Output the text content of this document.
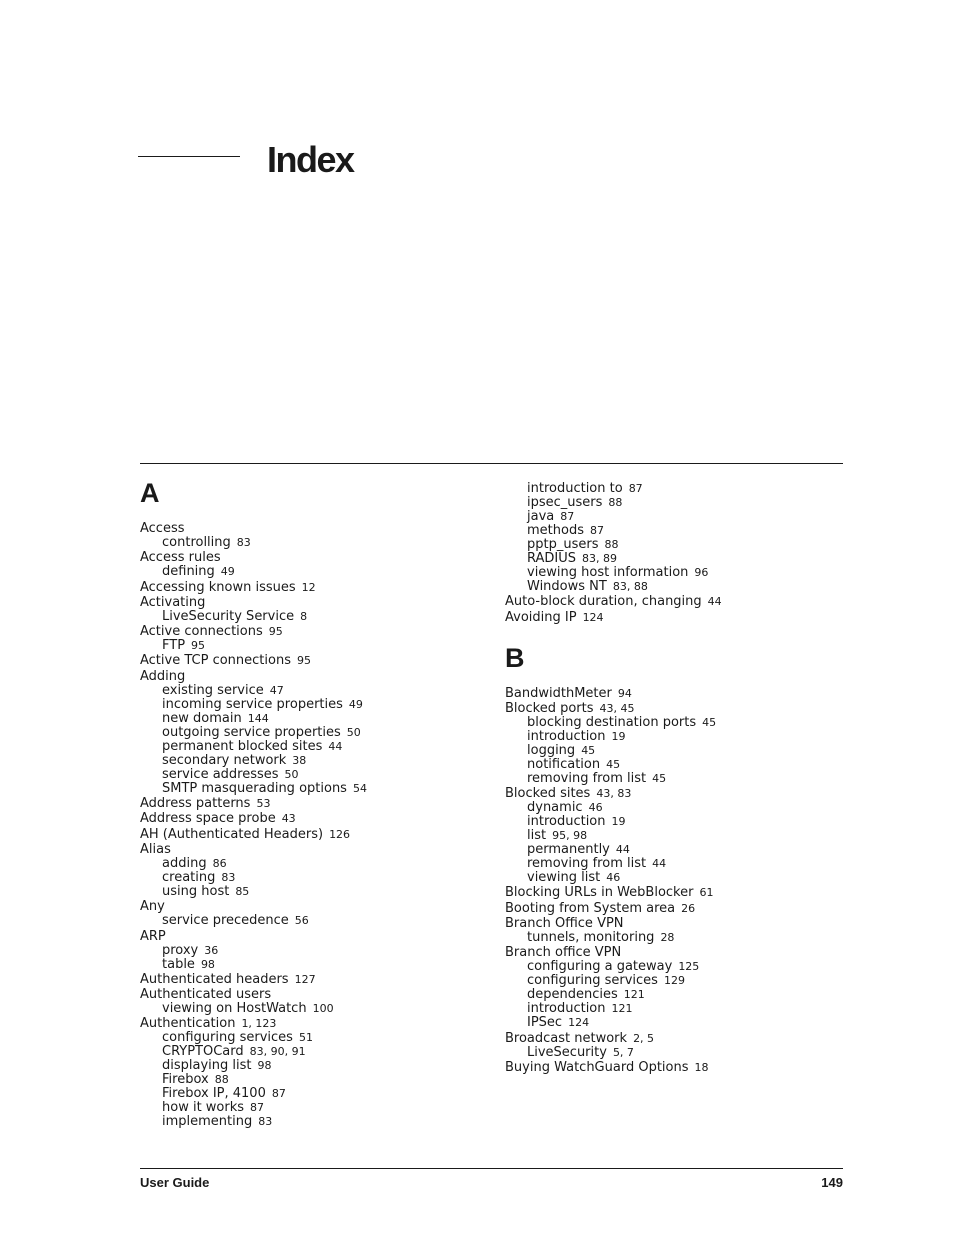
Index
A
Access
controlling 83
Access rules
defining 49
Accessing known issues 12
Activating
LiveSecurity Service 8
Active connections 95
FTP 95
Active TCP connections 95
Adding
existing service 47
incoming service properties 49
new domain 144
outgoing service properties 50
permanent blocked sites 44
secondary network 38
service addresses 50
SMTP masquerading options 54
Address patterns 53
Address space probe 43
AH (Authenticated Headers) 126
Alias
adding 86
creating 83
using host 85
Any
service precedence 56
ARP
proxy 36
table 98
Authenticated headers 127
Authenticated users
viewing on HostWatch 100
Authentication 1, 123
configuring services 51
CRYPTOCard 83, 90, 91
displaying list 98
Firebox 88
Firebox IP, 4100 87
how it works 87
implementing 83
introduction to 87
ipsec_users 88
java 87
methods 87
pptp_users 88
RADIUS 83, 89
viewing host information 96
Windows NT 83, 88
Auto-block duration, changing 44
Avoiding IP 124
B
BandwidthMeter 94
Blocked ports 43, 45
blocking destination ports 45
introduction 19
logging 45
notification 45
removing from list 45
Blocked sites 43, 83
dynamic 46
introduction 19
list 95, 98
permanently 44
removing from list 44
viewing list 46
Blocking URLs in WebBlocker 61
Booting from System area 26
Branch Office VPN
tunnels, monitoring 28
Branch office VPN
configuring a gateway 125
configuring services 129
dependencies 121
introduction 121
IPSec 124
Broadcast network 2, 5
LiveSecurity 5, 7
Buying WatchGuard Options 18
User Guide	149
